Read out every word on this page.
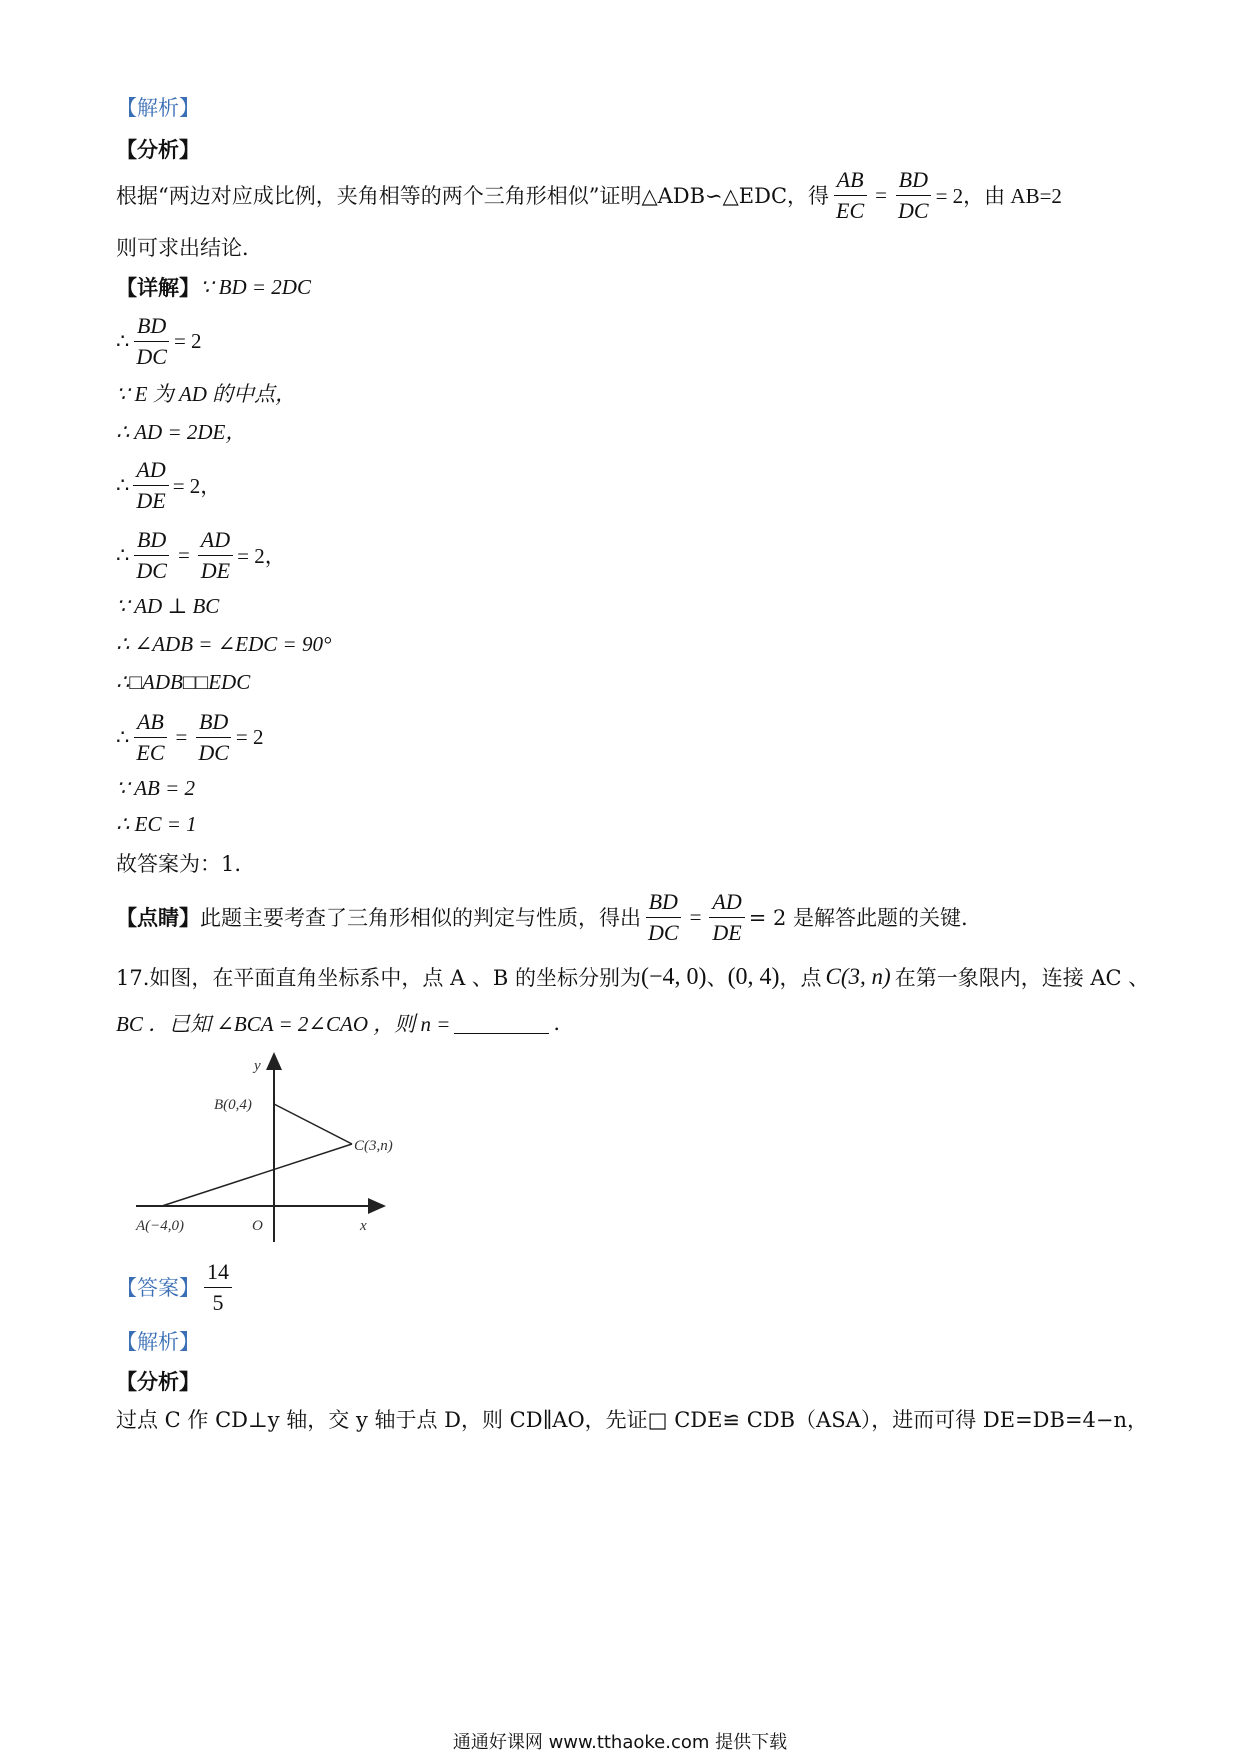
【解析】
【分析】
根据“两边对应成比例，夹角相等的两个三角形相似”证明△ADB∽△EDC，得 $\frac{AB}{EC} = \frac{BD}{DC} = 2$，由 AB=2
则可求出结论．
【详解】 ∵ BD = 2DC
∴ $\frac{BD}{DC} = 2$
∵ E 为 AD 的中点，
∴ AD = 2DE，
∴ $\frac{AD}{DE} = 2$，
∴ $\frac{BD}{DC} = \frac{AD}{DE} = 2$，
∵ AD ⊥ BC
∴ ∠ADB = ∠EDC = 90°
∴□ADB□□EDC
∴ $\frac{AB}{EC} = \frac{BD}{DC} = 2$
∵ AB = 2
∴ EC = 1
故答案为：1.
【点睛】 此题主要考查了三角形相似的判定与性质，得出 $\frac{BD}{DC} = \frac{AD}{DE} = 2$ 是解答此题的关键.
17.如图，在平面直角坐标系中，点 A 、B 的坐标分别为 (−4, 0) 、 (0, 4) ，点 C(3, n) 在第一象限内，连接 AC 、
BC ．已知 ∠BCA = 2∠CAO ，则 n =	.
y
x
O
B(0,4)
C(3,n)
A(−4,0)
【答案】 $\frac{14}{5}$
【解析】
【分析】
过点 C 作 CD⊥y 轴，交 y 轴于点 D，则 CD∥AO，先证□ CDE≌ CDB（ASA），进而可得 DE=DB=4−n，
通通好课网 www.tthaoke.com 提供下载
